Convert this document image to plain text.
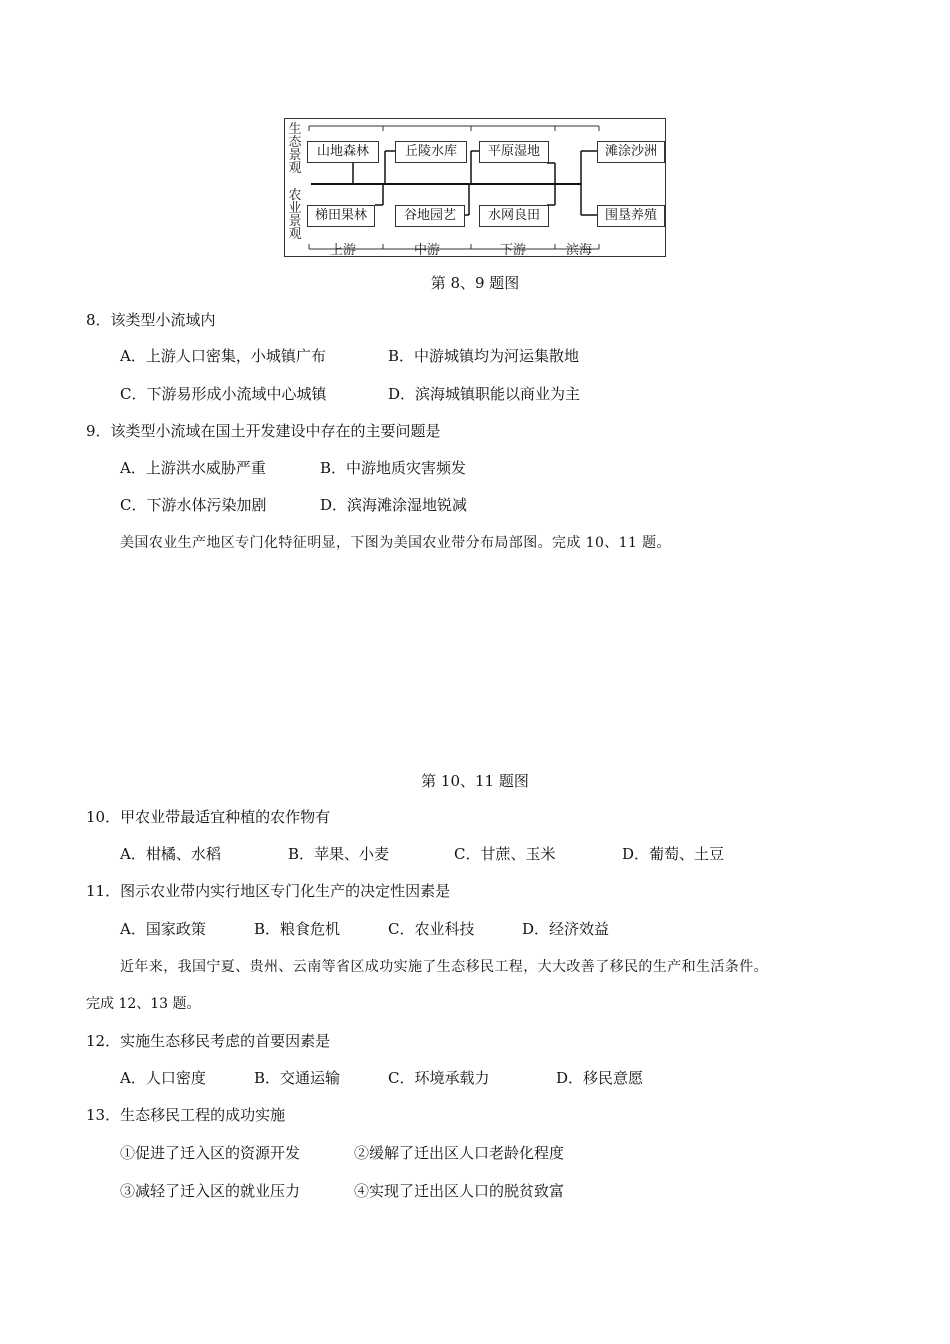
生态景观
农业景观
山地森林	丘陵水库	平原湿地	滩涂沙洲
梯田果林	谷地园艺	水网良田	围垦养殖
上游	中游	下游	滨海
第 8、9 题图
8．该类型小流域内
A．上游人口密集，小城镇广布	B．中游城镇均为河运集散地
C．下游易形成小流域中心城镇	D．滨海城镇职能以商业为主
9．该类型小流域在国土开发建设中存在的主要问题是
A．上游洪水威胁严重	B．中游地质灾害频发
C．下游水体污染加剧	D．滨海滩涂湿地锐减
美国农业生产地区专门化特征明显，下图为美国农业带分布局部图。完成 10、11 题。
第 10、11 题图
10．甲农业带最适宜种植的农作物有
A．柑橘、水稻	B．苹果、小麦	C．甘蔗、玉米	D．葡萄、土豆
11．图示农业带内实行地区专门化生产的决定性因素是
A．国家政策	B．粮食危机	C．农业科技	D．经济效益
近年来，我国宁夏、贵州、云南等省区成功实施了生态移民工程，大大改善了移民的生产和生活条件。
完成 12、13 题。
12．实施生态移民考虑的首要因素是
A．人口密度	B．交通运输	C．环境承载力	D．移民意愿
13．生态移民工程的成功实施
①促进了迁入区的资源开发	②缓解了迁出区人口老龄化程度
③减轻了迁入区的就业压力	④实现了迁出区人口的脱贫致富
